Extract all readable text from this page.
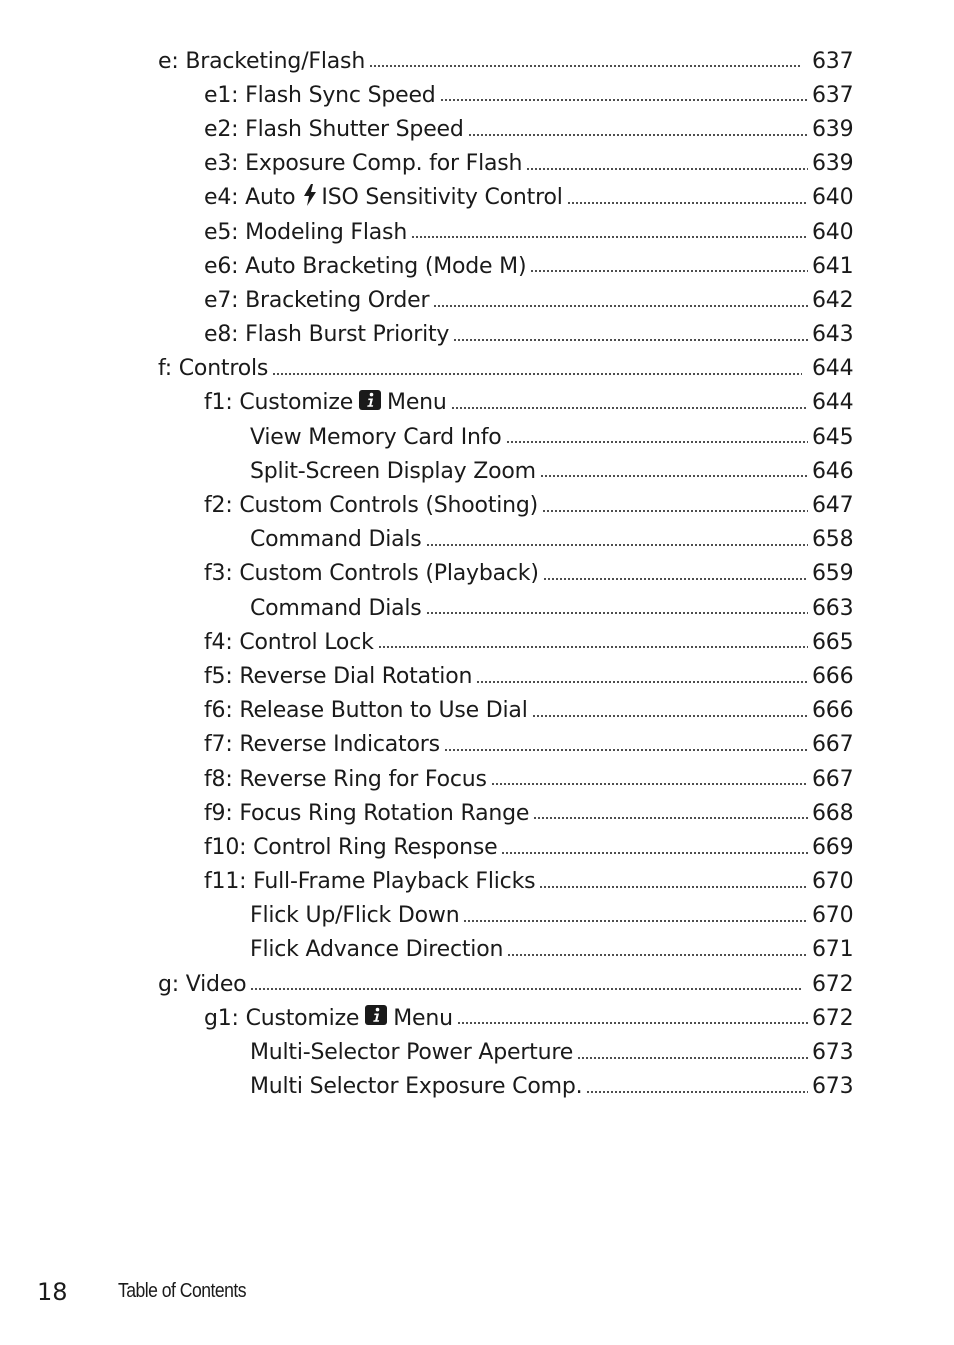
e: Bracketing/Flash	637
e1: Flash Sync Speed	637
e2: Flash Shutter Speed	639
e3: Exposure Comp. for Flash	639
e4: Auto ISO Sensitivity Control	640
e5: Modeling Flash	640
e6: Auto Bracketing (Mode M)	641
e7: Bracketing Order	642
e8: Flash Burst Priority	643
f: Controls	644
f1: Customize Menu	644
View Memory Card Info	645
Split-Screen Display Zoom	646
f2: Custom Controls (Shooting)	647
Command Dials	658
f3: Custom Controls (Playback)	659
Command Dials	663
f4: Control Lock	665
f5: Reverse Dial Rotation	666
f6: Release Button to Use Dial	666
f7: Reverse Indicators	667
f8: Reverse Ring for Focus	667
f9: Focus Ring Rotation Range	668
f10: Control Ring Response	669
f11: Full-Frame Playback Flicks	670
Flick Up/Flick Down	670
Flick Advance Direction	671
g: Video	672
g1: Customize Menu	672
Multi-Selector Power Aperture	673
Multi Selector Exposure Comp.	673
18	Table of Contents
